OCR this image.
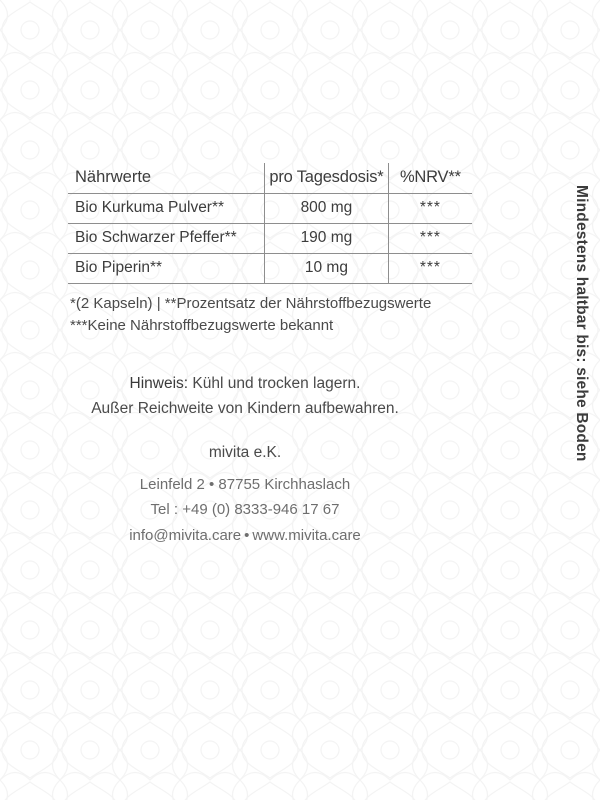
Nährwerte	pro Tagesdosis*	%NRV**
Bio Kurkuma Pulver**	800 mg	***
Bio Schwarzer Pfeffer**	190 mg	***
Bio Piperin**	10 mg	***
*(2 Kapseln) | **Prozentsatz der Nährstoffbezugswerte
***Keine Nährstoffbezugswerte bekannt
Hinweis: Kühl und trocken lagern.
Außer Reichweite von Kindern aufbewahren.
mivita e.K.
Leinfeld 2 • 87755 Kirchhaslach
Tel : +49 (0) 8333-946 17 67
info@mivita.care • www.mivita.care
Mindestens haltbar bis: siehe Boden
